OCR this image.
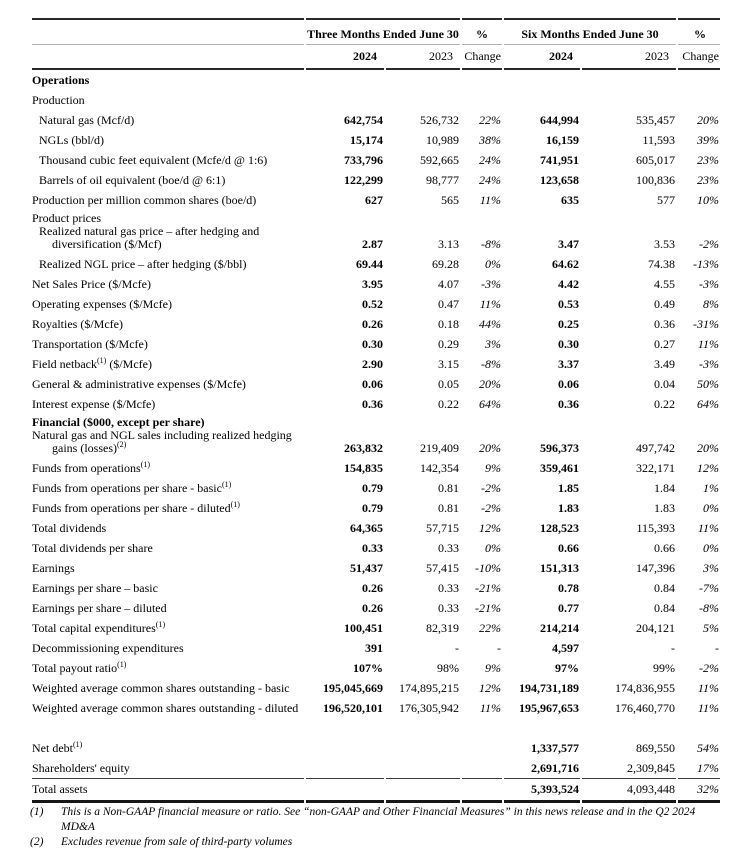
	Three Months Ended June 30		%	Six Months Ended June 30		%
	2024	2023	Change	2024	2023	Change
Operations						
Production						
Natural gas (Mcf/d)	642,754	526,732	22%	644,994	535,457	20%
NGLs (bbl/d)	15,174	10,989	38%	16,159	11,593	39%
Thousand cubic feet equivalent (Mcfe/d @ 1:6)	733,796	592,665	24%	741,951	605,017	23%
Barrels of oil equivalent (boe/d @ 6:1)	122,299	98,777	24%	123,658	100,836	23%
Production per million common shares (boe/d)	627	565	11%	635	577	10%

Product prices
Realized natural gas price – after hedging and
diversification ($/Mcf)	2.87	3.13	-8%	3.47	3.53	-2%
Realized NGL price – after hedging ($/bbl)	69.44	69.28	0%	64.62	74.38	-13%
Net Sales Price ($/Mcfe)	3.95	4.07	-3%	4.42	4.55	-3%
Operating expenses ($/Mcfe)	0.52	0.47	11%	0.53	0.49	8%
Royalties ($/Mcfe)	0.26	0.18	44%	0.25	0.36	-31%
Transportation ($/Mcfe)	0.30	0.29	3%	0.30	0.27	11%
Field netback$^{(1)}$ ($/Mcfe)	2.90	3.15	-8%	3.37	3.49	-3%
General & administrative expenses ($/Mcfe)	0.06	0.05	20%	0.06	0.04	50%
Interest expense ($/Mcfe)	0.36	0.22	64%	0.36	0.22	64%

Financial ($000, except per share)
Natural gas and NGL sales including realized hedging
gains (losses)$^{(2)}$	263,832	219,409	20%	596,373	497,742	20%
Funds from operations$^{(1)}$	154,835	142,354	9%	359,461	322,171	12%
Funds from operations per share - basic$^{(1)}$	0.79	0.81	-2%	1.85	1.84	1%
Funds from operations per share - diluted$^{(1)}$	0.79	0.81	-2%	1.83	1.83	0%
Total dividends	64,365	57,715	12%	128,523	115,393	11%
Total dividends per share	0.33	0.33	0%	0.66	0.66	0%
Earnings	51,437	57,415	-10%	151,313	147,396	3%
Earnings per share – basic	0.26	0.33	-21%	0.78	0.84	-7%
Earnings per share – diluted	0.26	0.33	-21%	0.77	0.84	-8%
Total capital expenditures$^{(1)}$	100,451	82,319	22%	214,214	204,121	5%
Decommissioning expenditures	391	-	-	4,597	-	-
Total payout ratio$^{(1)}$	107%	98%	9%	97%	99%	-2%
Weighted average common shares outstanding - basic	195,045,669	174,895,215	12%	194,731,189	174,836,955	11%
Weighted average common shares outstanding - diluted	196,520,101	176,305,942	11%	195,967,653	176,460,770	11%

Net debt$^{(1)}$				1,337,577	869,550	54%
Shareholders' equity				2,691,716	2,309,845	17%
Total assets				5,393,524	4,093,448	32%
(1)	This is a Non-GAAP financial measure or ratio. See “non-GAAP and Other Financial Measures” in this news release and in the Q2 2024 MD&A
(2)	Excludes revenue from sale of third-party volumes
